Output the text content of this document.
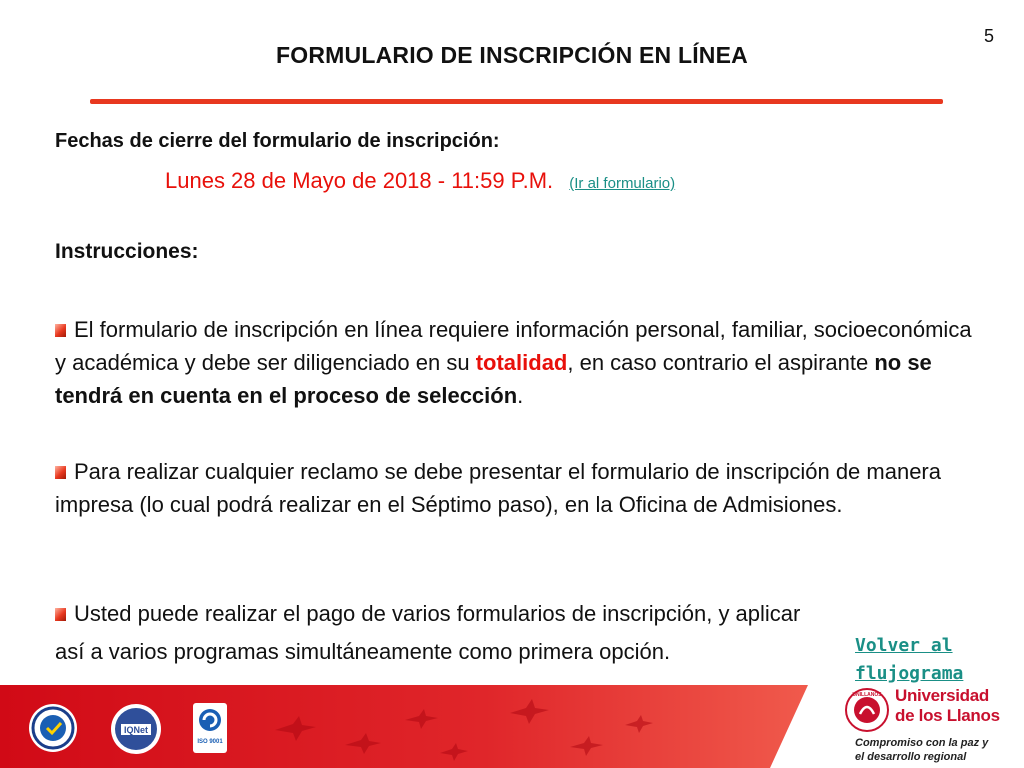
5
FORMULARIO DE INSCRIPCIÓN EN LÍNEA
Fechas de cierre del formulario de inscripción:
Lunes 28 de Mayo de 2018 - 11:59 P.M. (Ir al formulario)
Instrucciones:
El formulario de inscripción en línea requiere información personal, familiar, socioeconómica y académica y debe ser diligenciado en su totalidad, en caso contrario el aspirante no se tendrá en cuenta en el proceso de selección.
Para realizar cualquier reclamo se debe presentar el formulario de inscripción de manera impresa (lo cual podrá realizar en el Séptimo paso), en la Oficina de Admisiones.
Usted puede realizar el pago de varios formularios de inscripción, y aplicar
así a varios programas simultáneamente como primera opción.	Volver al
flujograma
IQNet
ISO 9001
UNILLANOS Universidad
de los Llanos
Compromiso con la paz y
el desarrollo regional
